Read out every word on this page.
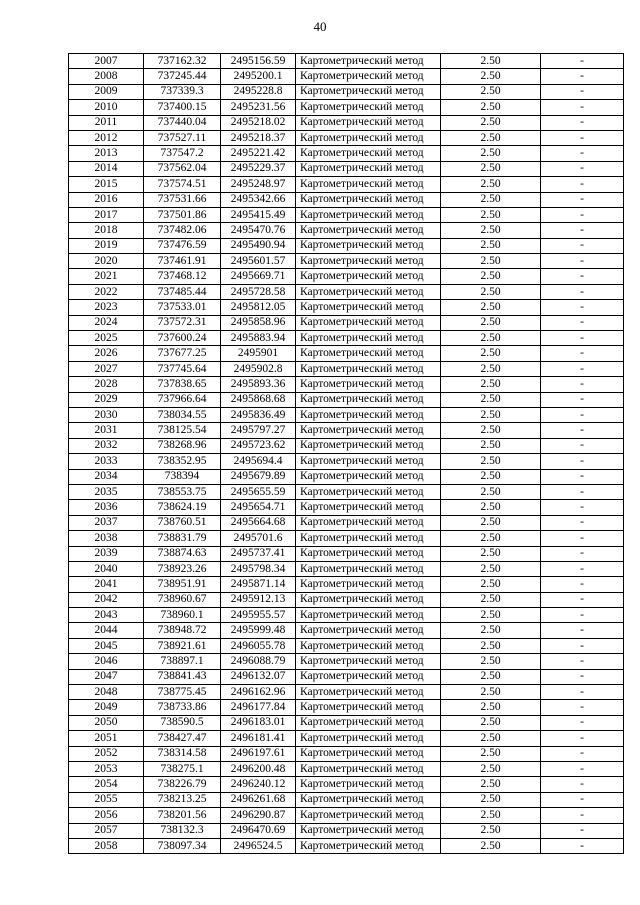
40
2007	737162.32	2495156.59	Картометрический метод	2.50	-
2008	737245.44	2495200.1	Картометрический метод	2.50	-
2009	737339.3	2495228.8	Картометрический метод	2.50	-
2010	737400.15	2495231.56	Картометрический метод	2.50	-
2011	737440.04	2495218.02	Картометрический метод	2.50	-
2012	737527.11	2495218.37	Картометрический метод	2.50	-
2013	737547.2	2495221.42	Картометрический метод	2.50	-
2014	737562.04	2495229.37	Картометрический метод	2.50	-
2015	737574.51	2495248.97	Картометрический метод	2.50	-
2016	737531.66	2495342.66	Картометрический метод	2.50	-
2017	737501.86	2495415.49	Картометрический метод	2.50	-
2018	737482.06	2495470.76	Картометрический метод	2.50	-
2019	737476.59	2495490.94	Картометрический метод	2.50	-
2020	737461.91	2495601.57	Картометрический метод	2.50	-
2021	737468.12	2495669.71	Картометрический метод	2.50	-
2022	737485.44	2495728.58	Картометрический метод	2.50	-
2023	737533.01	2495812.05	Картометрический метод	2.50	-
2024	737572.31	2495858.96	Картометрический метод	2.50	-
2025	737600.24	2495883.94	Картометрический метод	2.50	-
2026	737677.25	2495901	Картометрический метод	2.50	-
2027	737745.64	2495902.8	Картометрический метод	2.50	-
2028	737838.65	2495893.36	Картометрический метод	2.50	-
2029	737966.64	2495868.68	Картометрический метод	2.50	-
2030	738034.55	2495836.49	Картометрический метод	2.50	-
2031	738125.54	2495797.27	Картометрический метод	2.50	-
2032	738268.96	2495723.62	Картометрический метод	2.50	-
2033	738352.95	2495694.4	Картометрический метод	2.50	-
2034	738394	2495679.89	Картометрический метод	2.50	-
2035	738553.75	2495655.59	Картометрический метод	2.50	-
2036	738624.19	2495654.71	Картометрический метод	2.50	-
2037	738760.51	2495664.68	Картометрический метод	2.50	-
2038	738831.79	2495701.6	Картометрический метод	2.50	-
2039	738874.63	2495737.41	Картометрический метод	2.50	-
2040	738923.26	2495798.34	Картометрический метод	2.50	-
2041	738951.91	2495871.14	Картометрический метод	2.50	-
2042	738960.67	2495912.13	Картометрический метод	2.50	-
2043	738960.1	2495955.57	Картометрический метод	2.50	-
2044	738948.72	2495999.48	Картометрический метод	2.50	-
2045	738921.61	2496055.78	Картометрический метод	2.50	-
2046	738897.1	2496088.79	Картометрический метод	2.50	-
2047	738841.43	2496132.07	Картометрический метод	2.50	-
2048	738775.45	2496162.96	Картометрический метод	2.50	-
2049	738733.86	2496177.84	Картометрический метод	2.50	-
2050	738590.5	2496183.01	Картометрический метод	2.50	-
2051	738427.47	2496181.41	Картометрический метод	2.50	-
2052	738314.58	2496197.61	Картометрический метод	2.50	-
2053	738275.1	2496200.48	Картометрический метод	2.50	-
2054	738226.79	2496240.12	Картометрический метод	2.50	-
2055	738213.25	2496261.68	Картометрический метод	2.50	-
2056	738201.56	2496290.87	Картометрический метод	2.50	-
2057	738132.3	2496470.69	Картометрический метод	2.50	-
2058	738097.34	2496524.5	Картометрический метод	2.50	-
